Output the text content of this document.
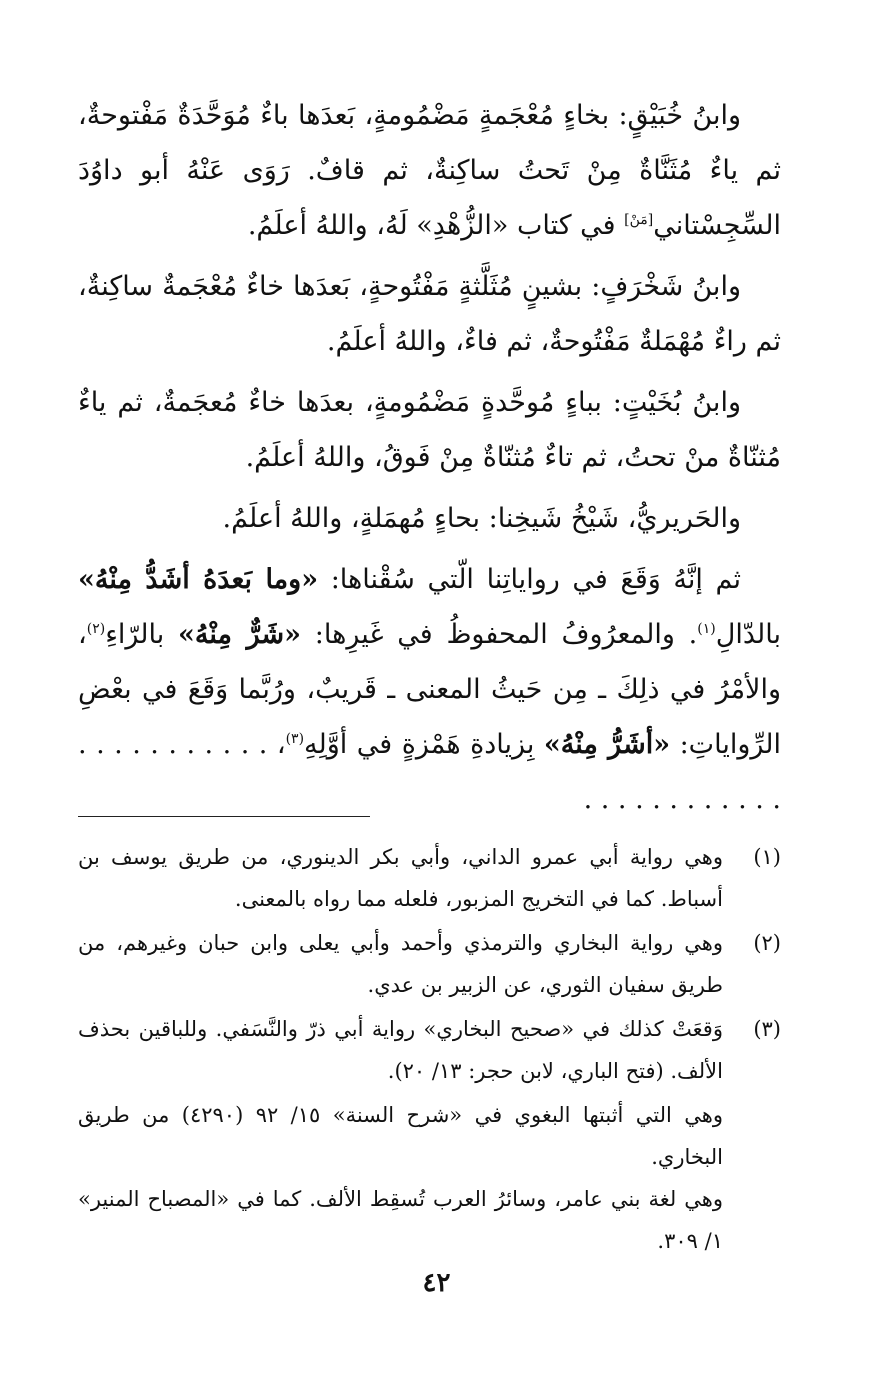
وابنُ خُبَيْقٍ: بخاءٍ مُعْجَمةٍ مَضْمُومةٍ، بَعدَها باءٌ مُوَحَّدَةٌ مَفْتوحةٌ، ثم ياءٌ مُثَنَّاةٌ مِنْ تَحتُ ساكِنةٌ، ثم قافٌ. رَوَى عَنْهُ أبو داوُدَ السِّجِسْتاني[مَنْ] في كتاب «الزُّهْدِ» لَهُ، واللهُ أعلَمُ.

وابنُ شَخْرَفٍ: بشينٍ مُثَلَّثةٍ مَفْتُوحةٍ، بَعدَها خاءٌ مُعْجَمةٌ ساكِنةٌ، ثم راءٌ مُهْمَلةٌ مَفْتُوحةٌ، ثم فاءٌ، واللهُ أعلَمُ.

وابنُ بُخَيْتٍ: بباءٍ مُوحَّدةٍ مَضْمُومةٍ، بعدَها خاءٌ مُعجَمةٌ، ثم ياءٌ مُثنّاةٌ منْ تحتُ، ثم تاءٌ مُثنّاةٌ مِنْ فَوقُ، واللهُ أعلَمُ.

والحَريريُّ، شَيْخُ شَيخِنا: بحاءٍ مُهمَلةٍ، واللهُ أعلَمُ.

ثم إنَّهُ وَقَعَ في رواياتِنا الّتي سُقْناها: «وما بَعدَهُ أشَدُّ مِنْهُ» بالدّالِ$^{(١)}$. والمعرُوفُ المحفوظُ في غَيرِها: «شَرٌّ مِنْهُ» بالرّاءِ$^{(٢)}$، والأمْرُ في ذلِكَ ـ مِن حَيثُ المعنى ـ قَريبٌ، ورُبَّما وَقَعَ في بعْضِ الرِّواياتِ: «أشَرُّ مِنْهُ» بِزيادةِ هَمْزةٍ في أوَّلِهِ$^{(٣)}$، . . . . . . . . . . . . . . . . . . . . . . .

(١)
وهي رواية أبي عمرو الداني، وأبي بكر الدينوري، من طريق يوسف بن أسباط. كما في التخريج المزبور، فلعله مما رواه بالمعنى.
(٢)
وهي رواية البخاري والترمذي وأحمد وأبي يعلى وابن حبان وغيرهم، من طريق سفيان الثوري، عن الزبير بن عدي.
(٣)
وَقعَتْ كذلك في «صحيح البخاري» رواية أبي ذرّ والنَّسَفي. وللباقين بحذف الألف. (فتح الباري، لابن حجر: ١٣/ ٢٠).
وهي التي أثبتها البغوي في «شرح السنة» ١٥/ ٩٢ (٤٢٩٠) من طريق البخاري.
وهي لغة بني عامر، وسائرُ العرب تُسقِط الألف. كما في «المصباح المنير» ١/ ٣٠٩.
٤٢
